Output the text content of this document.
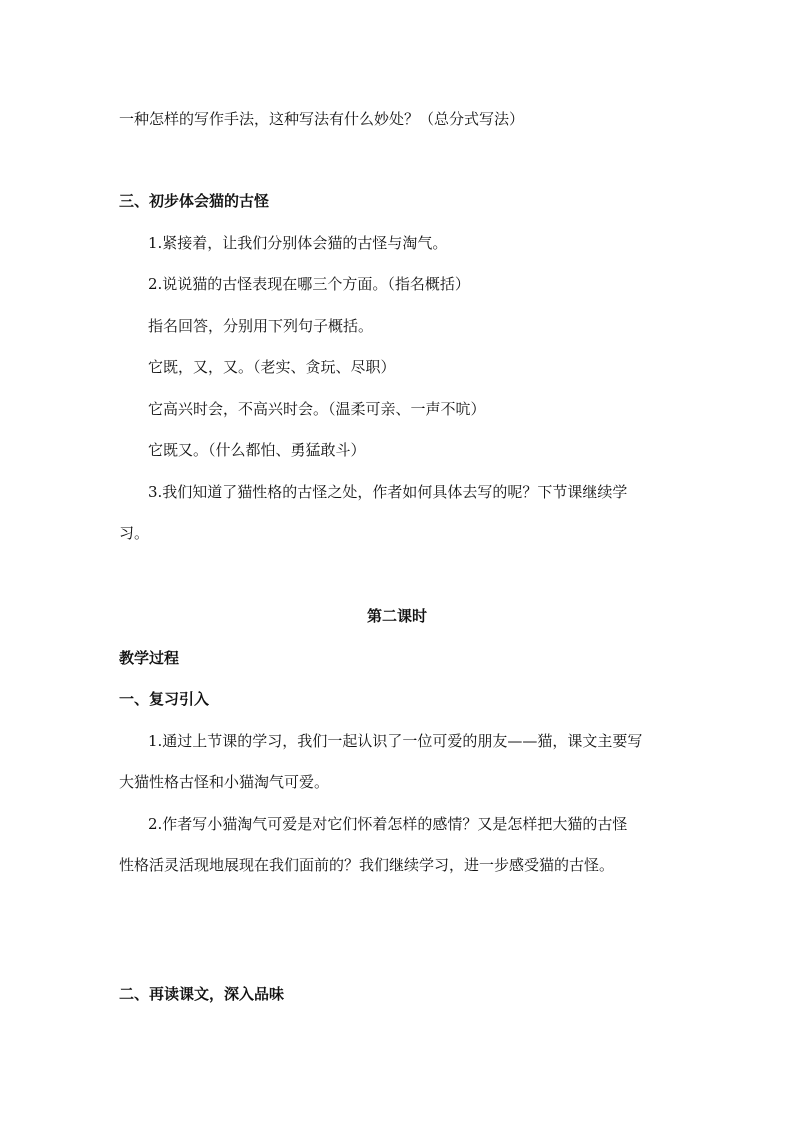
一种怎样的写作手法，这种写法有什么妙处？（总分式写法）
三、初步体会猫的古怪
1.紧接着，让我们分别体会猫的古怪与淘气。
2.说说猫的古怪表现在哪三个方面。（指名概括）
指名回答，分别用下列句子概括。
它既，又，又。（老实、贪玩、尽职）
它高兴时会，不高兴时会。（温柔可亲、一声不吭）
它既又。（什么都怕、勇猛敢斗）
3.我们知道了猫性格的古怪之处，作者如何具体去写的呢？下节课继续学
习。
第二课时
教学过程
一、复习引入
1.通过上节课的学习，我们一起认识了一位可爱的朋友——猫，课文主要写
大猫性格古怪和小猫淘气可爱。
2.作者写小猫淘气可爱是对它们怀着怎样的感情？又是怎样把大猫的古怪
性格活灵活现地展现在我们面前的？我们继续学习，进一步感受猫的古怪。
二、再读课文，深入品味
